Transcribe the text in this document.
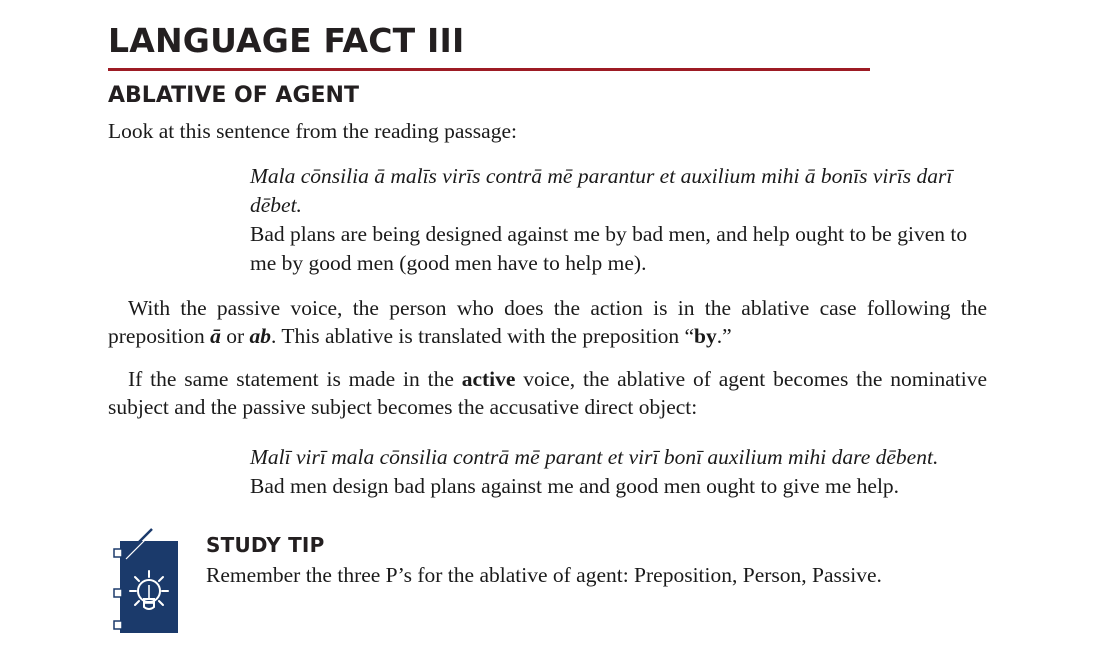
LANGUAGE FACT III
ABLATIVE OF AGENT

Look at this sentence from the reading passage:

Mala cōnsilia ā malīs virīs contrā mē parantur et auxilium mihi ā bonīs virīs darī dēbet.

Bad plans are being designed against me by bad men, and help ought to be given to me by good men (good men have to help me).

With the passive voice, the person who does the action is in the ablative case following the preposition ā or ab. This ablative is translated with the preposition “by.”

If the same statement is made in the active voice, the ablative of agent becomes the nominative subject and the passive subject becomes the accusative direct object:

Malī virī mala cōnsilia contrā mē parant et virī bonī auxilium mihi dare dēbent.

Bad men design bad plans against me and good men ought to give me help.

STUDY TIP

Remember the three P’s for the ablative of agent: Preposition, Person, Passive.
